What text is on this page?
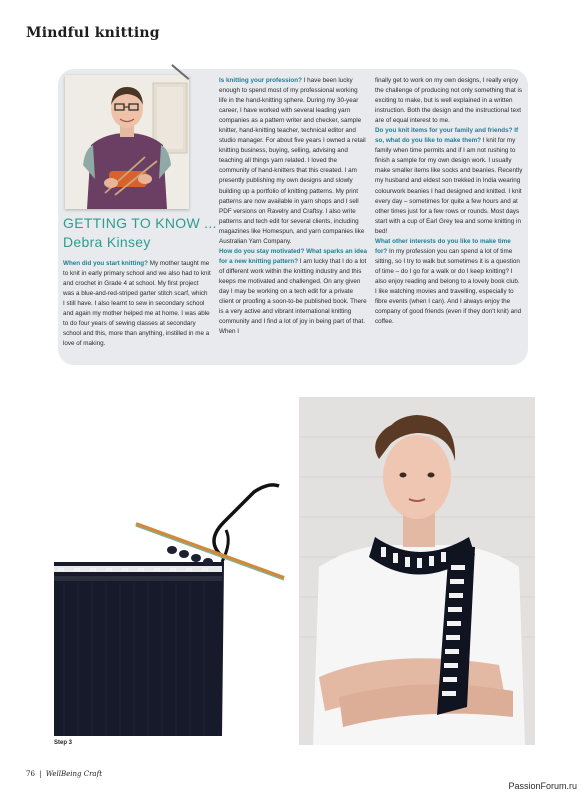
Mindful knitting
GETTING TO KNOW ...
Debra Kinsey

When did you start knitting? My mother taught me to knit in early primary school and we also had to knit and crochet in Grade 4 at school. My first project was a blue-and-red-striped garter stitch scarf, which I still have. I also learnt to sew in secondary school and again my mother helped me at home. I was able to do four years of sewing classes at secondary school and this, more than anything, instilled in me a love of making.

Is knitting your profession? I have been lucky enough to spend most of my professional working life in the hand-knitting sphere. During my 30-year career, I have worked with several leading yarn companies as a pattern writer and checker, sample knitter, hand-knitting teacher, technical editor and studio manager. For about five years I owned a retail knitting business, buying, selling, advising and teaching all things yarn related. I loved the community of hand-knitters that this created. I am presently publishing my own designs and slowly building up a portfolio of knitting patterns. My print patterns are now available in yarn shops and I sell PDF versions on Ravelry and Craftsy. I also write patterns and tech edit for several clients, including magazines like Homespun, and yarn companies like Australian Yarn Company.

How do you stay motivated? What sparks an idea for a new knitting pattern? I am lucky that I do a lot of different work within the knitting industry and this keeps me motivated and challenged. On any given day I may be working on a tech edit for a private client or proofing a soon-to-be published book. There is a very active and vibrant international knitting community and I find a lot of joy in being part of that. When I

finally get to work on my own designs, I really enjoy the challenge of producing not only something that is exciting to make, but is well explained in a written instruction. Both the design and the instructional text are of equal interest to me.

Do you knit items for your family and friends? If so, what do you like to make them? I knit for my family when time permits and if I am not rushing to finish a sample for my own design work. I usually make smaller items like socks and beanies. Recently my husband and eldest son trekked in India wearing colourwork beanies I had designed and knitted. I knit every day – sometimes for quite a few hours and at other times just for a few rows or rounds. Most days start with a cup of Earl Grey tea and some knitting in bed!

What other interests do you like to make time for? In my profession you can spend a lot of time sitting, so I try to walk but sometimes it is a question of time – do I go for a walk or do I keep knitting? I also enjoy reading and belong to a lovely book club. I like watching movies and travelling, especially to fibre events (when I can). And I always enjoy the company of good friends (even if they don't knit) and coffee.

Step 3
76 | WellBeing Craft
PassionForum.ru
